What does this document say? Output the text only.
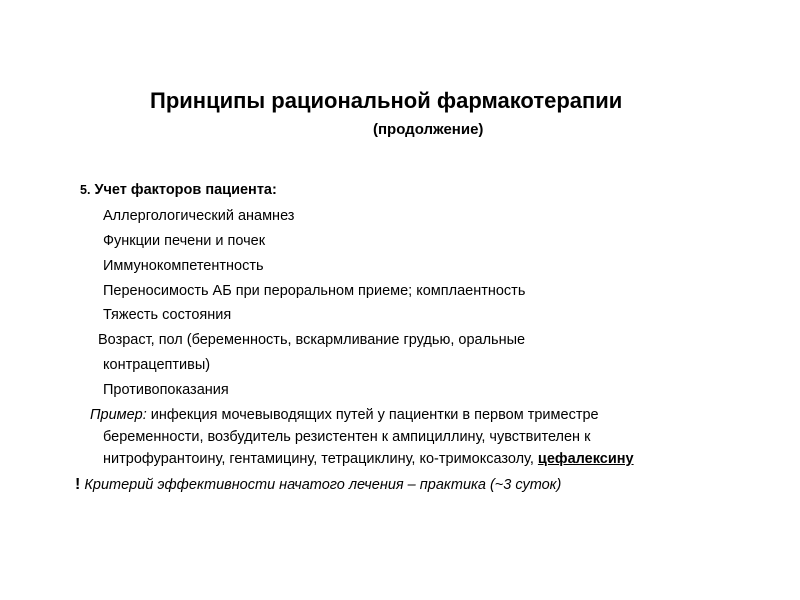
Принципы рациональной фармакотерапии
(продолжение)
5. Учет факторов пациента:
Аллергологический анамнез
Функции печени и почек
Иммунокомпетентность
Переносимость АБ при пероральном приеме; комплаентность
Тяжесть состояния
Возраст, пол (беременность, вскармливание грудью, оральные
контрацептивы)
Противопоказания
Пример: инфекция мочевыводящих путей у пациентки в первом триместре
беременности, возбудитель резистентен к ампициллину, чувствителен к
нитрофурантоину, гентамицину, тетрациклину, ко-тримоксазолу, цефалексину
! Критерий эффективности начатого лечения – практика (~3 суток)
